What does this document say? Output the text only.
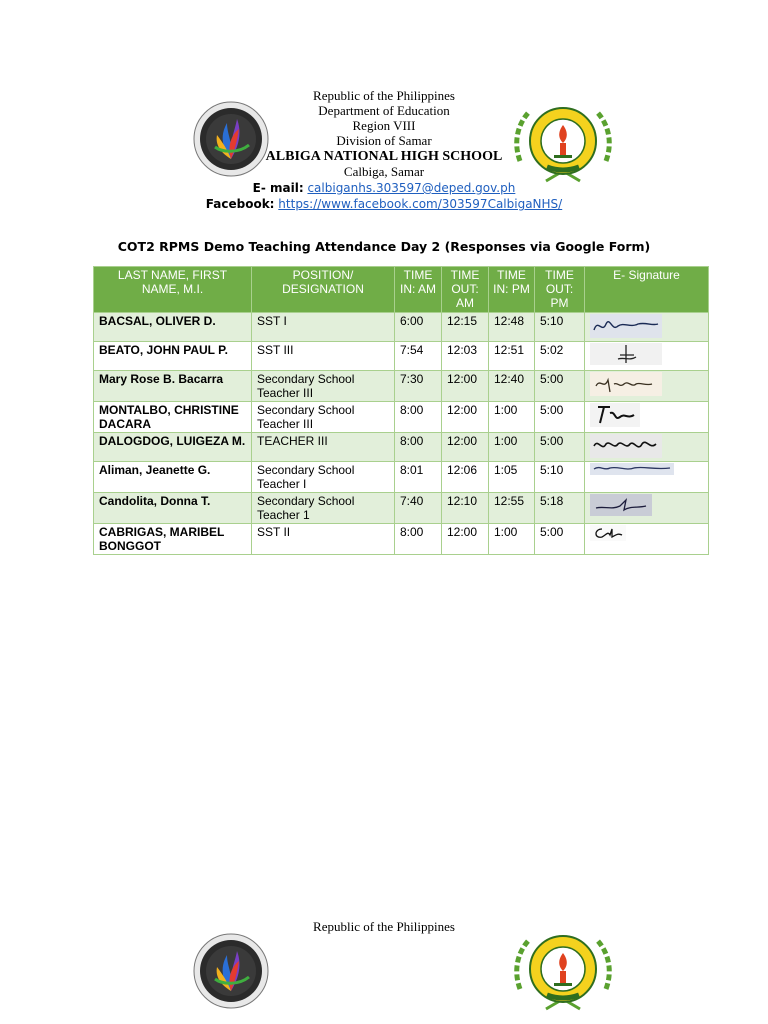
Republic of the Philippines
Department of Education
Region VIII
Division of Samar
ALBIGA NATIONAL HIGH SCHOOL
Calbiga, Samar
E- mail: calbiganhs.303597@deped.gov.ph
Facebook: https://www.facebook.com/303597CalbigaNHS/
COT2 RPMS Demo Teaching Attendance Day 2 (Responses via Google Form)
LAST NAME, FIRST NAME, M.I.	POSITION/ DESIGNATION	TIME IN: AM	TIME OUT: AM	TIME IN: PM	TIME OUT: PM	E- Signature
BACSAL, OLIVER D.	SST I	6:00	12:15	12:48	5:10	

BEATO, JOHN PAUL P.	SST III	7:54	12:03	12:51	5:02	

Mary Rose B. Bacarra	Secondary School Teacher III	7:30	12:00	12:40	5:00	

MONTALBO, CHRISTINE DACARA	Secondary School Teacher III	8:00	12:00	1:00	5:00	

DALOGDOG, LUIGEZA M.	TEACHER III	8:00	12:00	1:00	5:00	

Aliman, Jeanette G.	Secondary School Teacher I	8:01	12:06	1:05	5:10	

Candolita, Donna T.	Secondary School Teacher 1	7:40	12:10	12:55	5:18	

CABRIGAS, MARIBEL BONGGOT	SST II	8:00	12:00	1:00	5:00	
Republic of the Philippines
